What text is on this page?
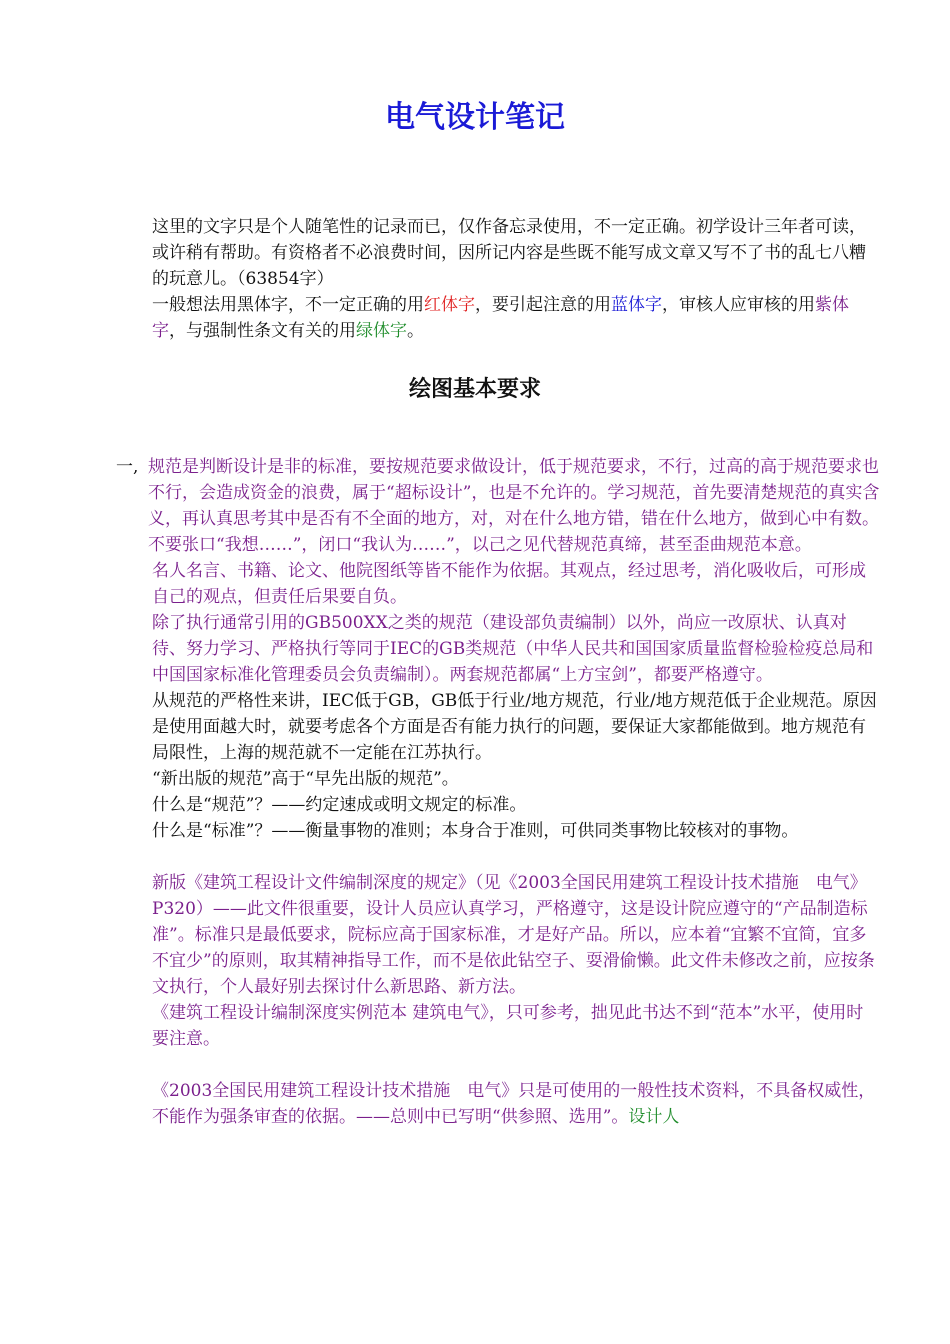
电气设计笔记

这里的文字只是个人随笔性的记录而已，仅作备忘录使用，不一定正确。初学设计三年者可读，或许稍有帮助。有资格者不必浪费时间，因所记内容是些既不能写成文章又写不了书的乱七八糟的玩意儿。（63854字）

一般想法用黑体字，不一定正确的用红体字，要引起注意的用蓝体字，审核人应审核的用紫体字，与强制性条文有关的用绿体字。

绘图基本要求

一, 规范是判断设计是非的标准，要按规范要求做设计，低于规范要求，不行，过高的高于规范要求也不行，会造成资金的浪费，属于“超标设计”，也是不允许的。学习规范，首先要清楚规范的真实含义，再认真思考其中是否有不全面的地方，对，对在什么地方错，错在什么地方，做到心中有数。不要张口“我想……”，闭口“我认为……”，以己之见代替规范真缔，甚至歪曲规范本意。

名人名言、书籍、论文、他院图纸等皆不能作为依据。其观点，经过思考，消化吸收后，可形成自己的观点，但责任后果要自负。

除了执行通常引用的GB500XX之类的规范（建设部负责编制）以外，尚应一改原状、认真对待、努力学习、严格执行等同于IEC的GB类规范（中华人民共和国国家质量监督检验检疫总局和中国国家标准化管理委员会负责编制）。两套规范都属“上方宝剑”，都要严格遵守。

从规范的严格性来讲，IEC低于GB，GB低于行业/地方规范，行业/地方规范低于企业规范。原因是使用面越大时，就要考虑各个方面是否有能力执行的问题，要保证大家都能做到。地方规范有局限性，上海的规范就不一定能在江苏执行。

“新出版的规范”高于“早先出版的规范”。

什么是“规范”？——约定速成或明文规定的标准。

什么是“标准”？——衡量事物的准则；本身合于准则，可供同类事物比较核对的事物。

新版《建筑工程设计文件编制深度的规定》（见《2003全国民用建筑工程设计技术措施　电气》P320）——此文件很重要，设计人员应认真学习，严格遵守，这是设计院应遵守的“产品制造标准”。标准只是最低要求，院标应高于国家标准，才是好产品。所以，应本着“宜繁不宜简，宜多不宜少”的原则，取其精神指导工作，而不是依此钻空子、耍滑偷懒。此文件未修改之前，应按条文执行，个人最好别去探讨什么新思路、新方法。

《建筑工程设计编制深度实例范本 建筑电气》，只可参考，拙见此书达不到“范本”水平，使用时要注意。

《2003全国民用建筑工程设计技术措施　电气》只是可使用的一般性技术资料，不具备权威性，不能作为强条审查的依据。——总则中已写明“供参照、选用”。设计人
